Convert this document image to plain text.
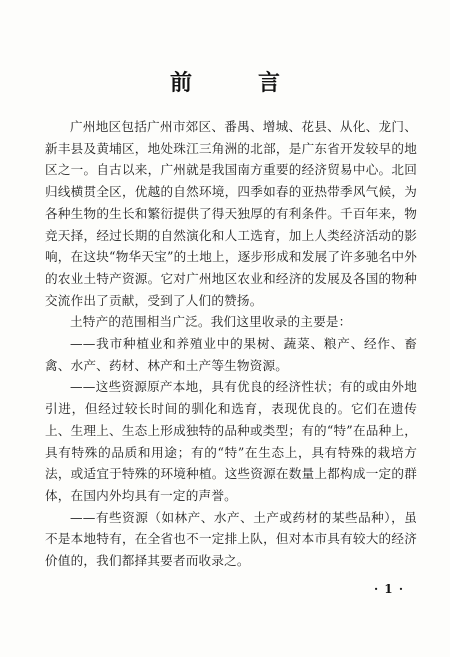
前　言

广州地区包括广州市郊区、番禺、增城、花县、从化、龙门、新丰县及黄埔区，地处珠江三角洲的北部，是广东省开发较早的地区之一。自古以来，广州就是我国南方重要的经济贸易中心。北回归线横贯全区，优越的自然环境，四季如春的亚热带季风气候，为各种生物的生长和繁衍提供了得天独厚的有利条件。千百年来，物竞天择，经过长期的自然演化和人工选育，加上人类经济活动的影响，在这块“物华天宝”的土地上，逐步形成和发展了许多驰名中外的农业土特产资源。它对广州地区农业和经济的发展及各国的物种交流作出了贡献，受到了人们的赞扬。

土特产的范围相当广泛。我们这里收录的主要是：

——我市种植业和养殖业中的果树、蔬菜、粮产、经作、畜禽、水产、药材、林产和土产等生物资源。

——这些资源原产本地，具有优良的经济性状；有的或由外地引进，但经过较长时间的驯化和选育，表现优良的。它们在遗传上、生理上、生态上形成独特的品种或类型；有的“特”在品种上，具有特殊的品质和用途；有的“特”在生态上，具有特殊的栽培方法，或适宜于特殊的环境种植。这些资源在数量上都构成一定的群体，在国内外均具有一定的声誉。

——有些资源（如林产、水产、土产或药材的某些品种），虽不是本地特有，在全省也不一定排上队，但对本市具有较大的经济价值的，我们都择其要者而收录之。

· 1 ·
